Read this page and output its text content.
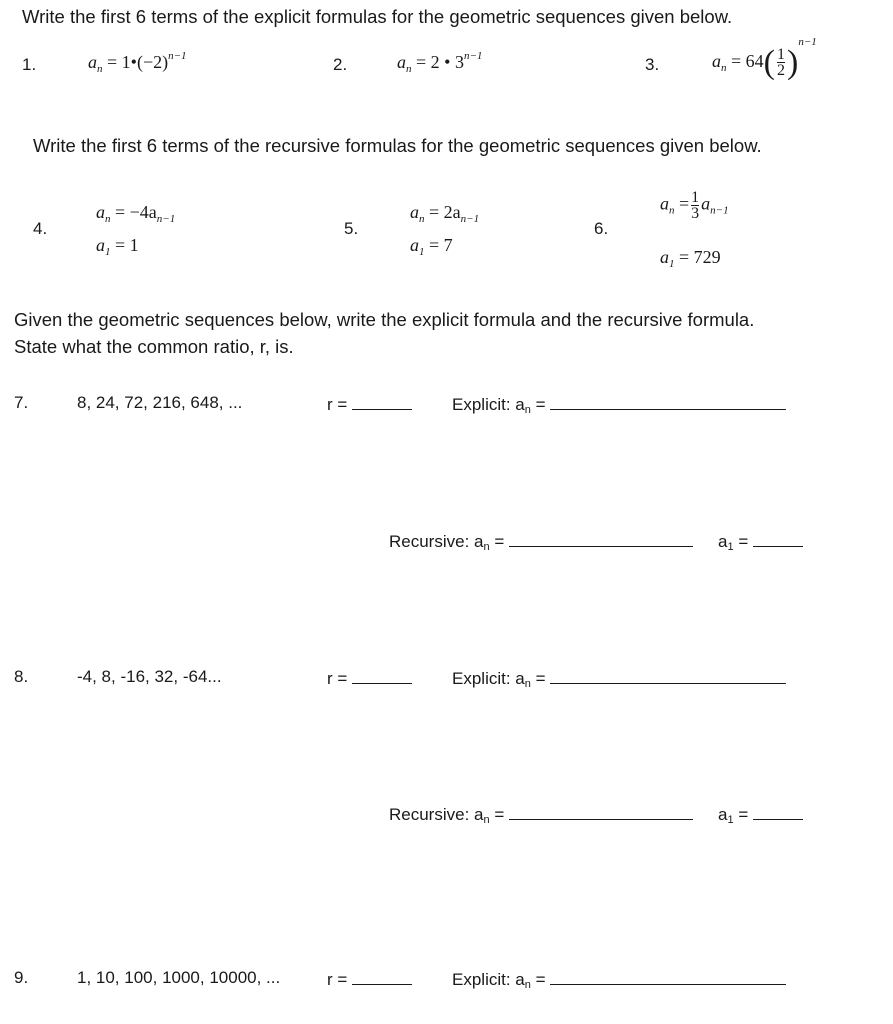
Write the first 6 terms of the explicit formulas for the geometric sequences given below.
1.	$a_n$ = $1•(-2)^{n-1}$	2.	$a_n = 2$ • $3^{n-1}$	3.	$a_n = 64( \frac{1}{2} )^{n-1}$
Write the first 6 terms of the recursive formulas for the geometric sequences given below.
4.
$a_n = -4a_{n-1}$
$a_1 = 1$
5.
$a_n = 2a_{n-1}$
$a_1 = 7$
6.
$a_n = \frac{1}{3} a_{n-1}$
$a_1 = 729$
Given the geometric sequences below, write the explicit formula and the recursive formula.
State what the common ratio, r, is.
7.	8, 24, 72, 216, 648, ...	r =	Explicit: an =
Recursive: an =	a1 =
8.	-4, 8, -16, 32, -64...	r =	Explicit: an =
Recursive: an =	a1 =
9.	1, 10, 100, 1000, 10000, ...	r =	Explicit: an =
